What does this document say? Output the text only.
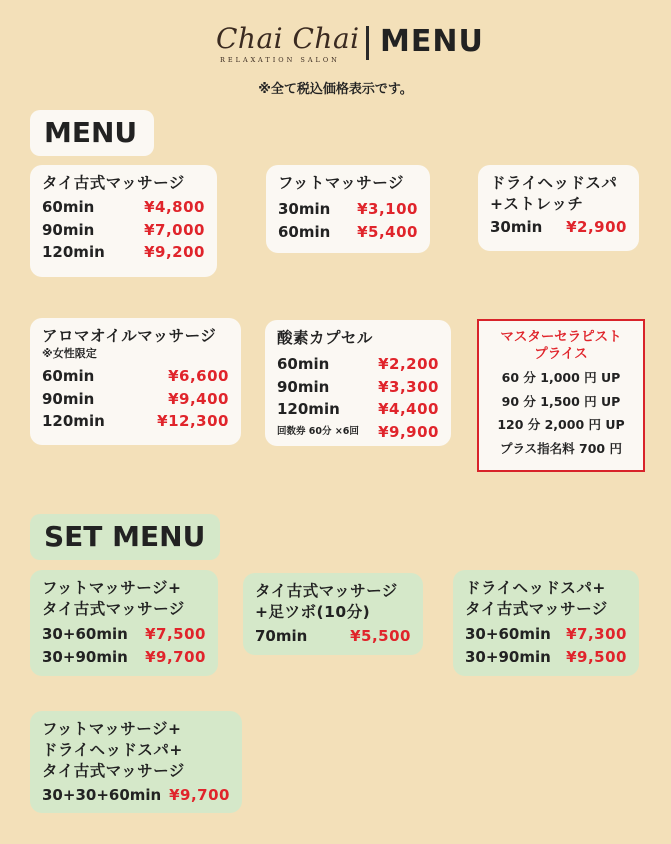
Chai Chai
RELAXATION SALON
MENU
※全て税込価格表示です。
MENU
タイ古式マッサージ
60min	¥4,800
90min	¥7,000
120min	¥9,200
フットマッサージ
30min ¥3,100
60min ¥5,400
ドライヘッドスパ
+ストレッチ
30min ¥2,900
アロマオイルマッサージ
※女性限定
60min	¥6,600
90min	¥9,400
120min	¥12,300
酸素カプセル
60min	¥2,200
90min	¥3,300
120min	¥4,400
回数券 60分 ×6回 ¥9,900
マスターセラピスト
プライス
60 分 1,000 円 UP
90 分 1,500 円 UP
120 分 2,000 円 UP
プラス指名料 700 円
SET MENU
フットマッサージ+
タイ古式マッサージ
30+60min ¥7,500
30+90min ¥9,700
タイ古式マッサージ
+足ツボ(10分)
70min	¥5,500
ドライヘッドスパ+
タイ古式マッサージ
30+60min ¥7,300
30+90min ¥9,500
フットマッサージ+
ドライヘッドスパ+
タイ古式マッサージ
30+30+60min ¥9,700
